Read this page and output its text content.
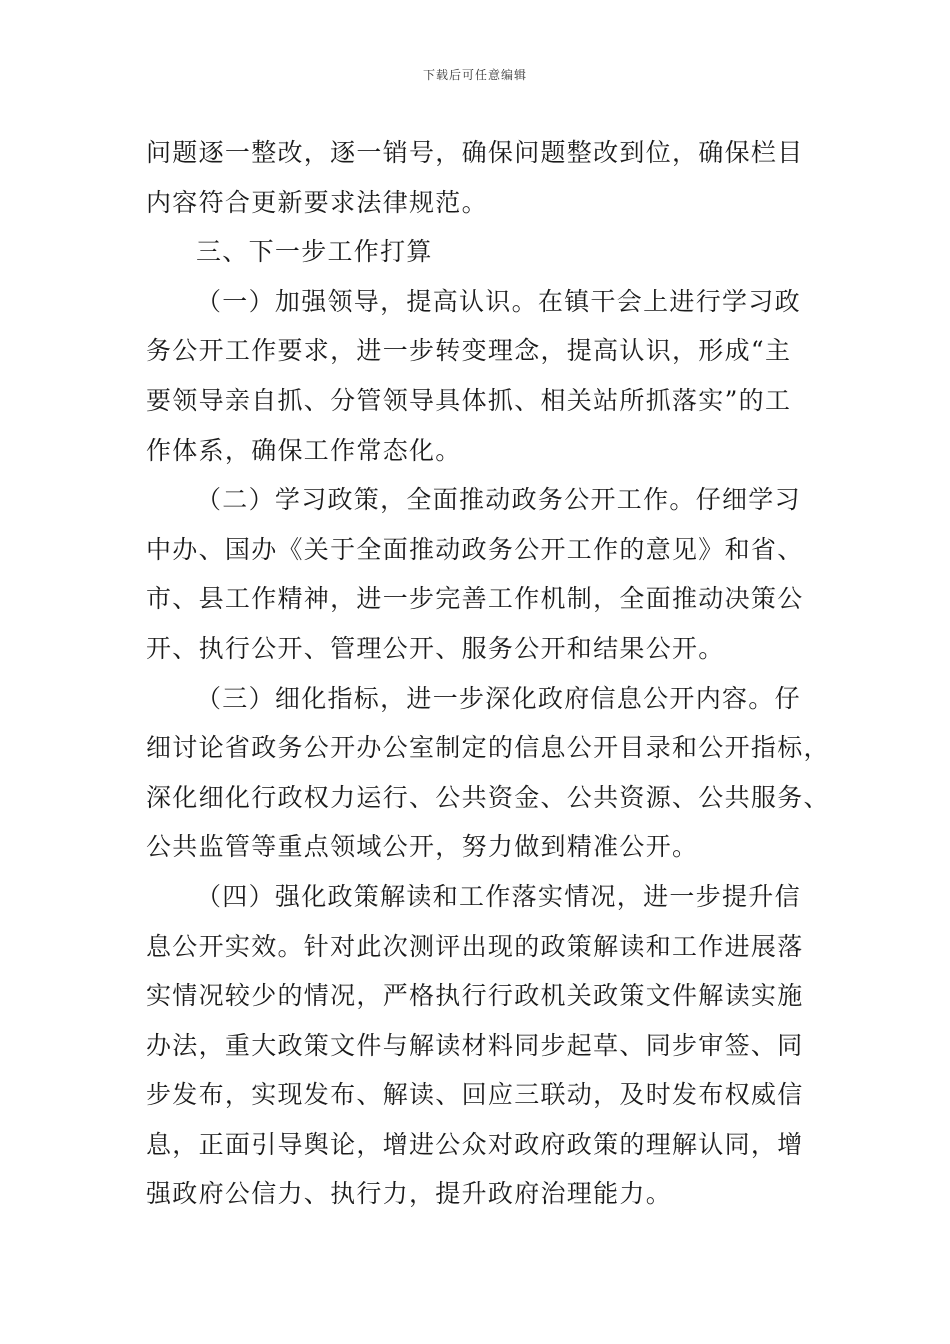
下载后可任意编辑
问题逐一整改，逐一销号，确保问题整改到位，确保栏目
内容符合更新要求法律规范。
三、下一步工作打算
（一）加强领导，提高认识。在镇干会上进行学习政
务公开工作要求，进一步转变理念，提高认识，形成“主
要领导亲自抓、分管领导具体抓、相关站所抓落实”的工
作体系，确保工作常态化。
（二）学习政策，全面推动政务公开工作。仔细学习
中办、国办《关于全面推动政务公开工作的意见》和省、
市、县工作精神，进一步完善工作机制，全面推动决策公
开、执行公开、管理公开、服务公开和结果公开。
（三）细化指标，进一步深化政府信息公开内容。仔
细讨论省政务公开办公室制定的信息公开目录和公开指标，
深化细化行政权力运行、公共资金、公共资源、公共服务、
公共监管等重点领域公开，努力做到精准公开。
（四）强化政策解读和工作落实情况，进一步提升信
息公开实效。针对此次测评出现的政策解读和工作进展落
实情况较少的情况，严格执行行政机关政策文件解读实施
办法，重大政策文件与解读材料同步起草、同步审签、同
步发布，实现发布、解读、回应三联动，及时发布权威信
息，正面引导舆论，增进公众对政府政策的理解认同，增
强政府公信力、执行力，提升政府治理能力。
